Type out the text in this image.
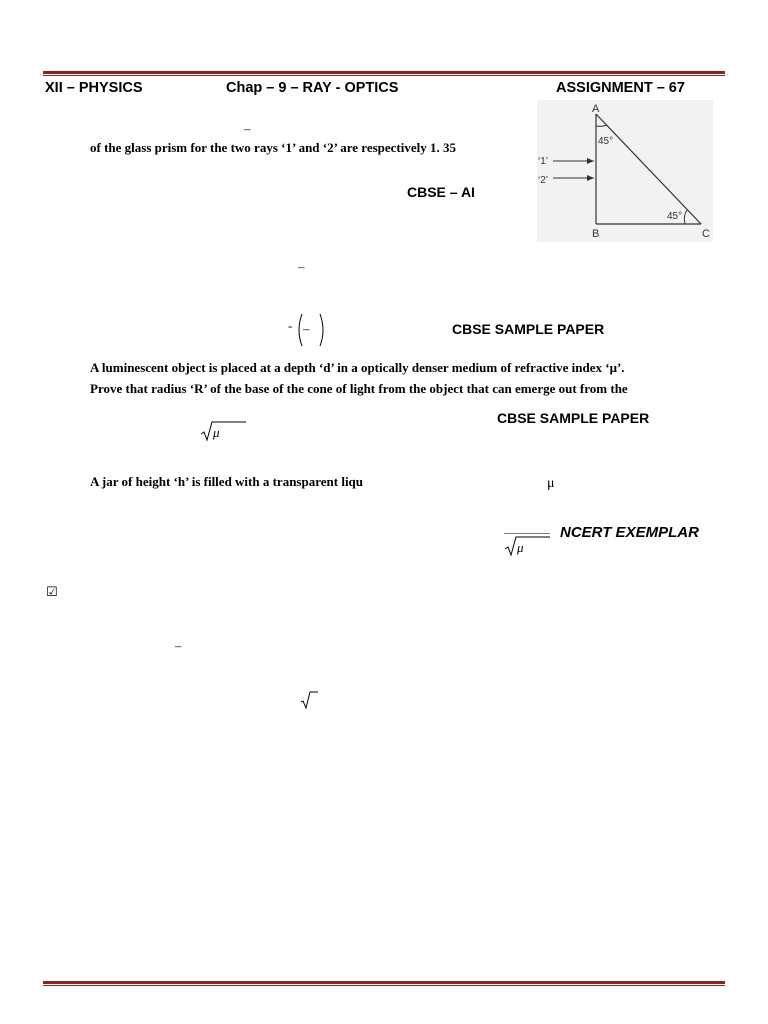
XII – PHYSICS	Chap – 9 – RAY - OPTICS	ASSIGNMENT – 67
A
B	C
45°
45°
‘1’
‘2’
–
of the glass prism for the two rays ‘1’ and ‘2’ are respectively 1. 35
CBSE – AI
–
- –	CBSE SAMPLE PAPER
A luminescent object is placed at a depth ‘d’ in a optically denser medium of refractive index ‘μ’.
Prove that radius ‘R’ of the base of the cone of light from the object that can emerge out from the
μ
CBSE SAMPLE PAPER
A jar of height ‘h’ is filled with a transparent liqu	μ
μ
NCERT EXEMPLAR
☑
–
